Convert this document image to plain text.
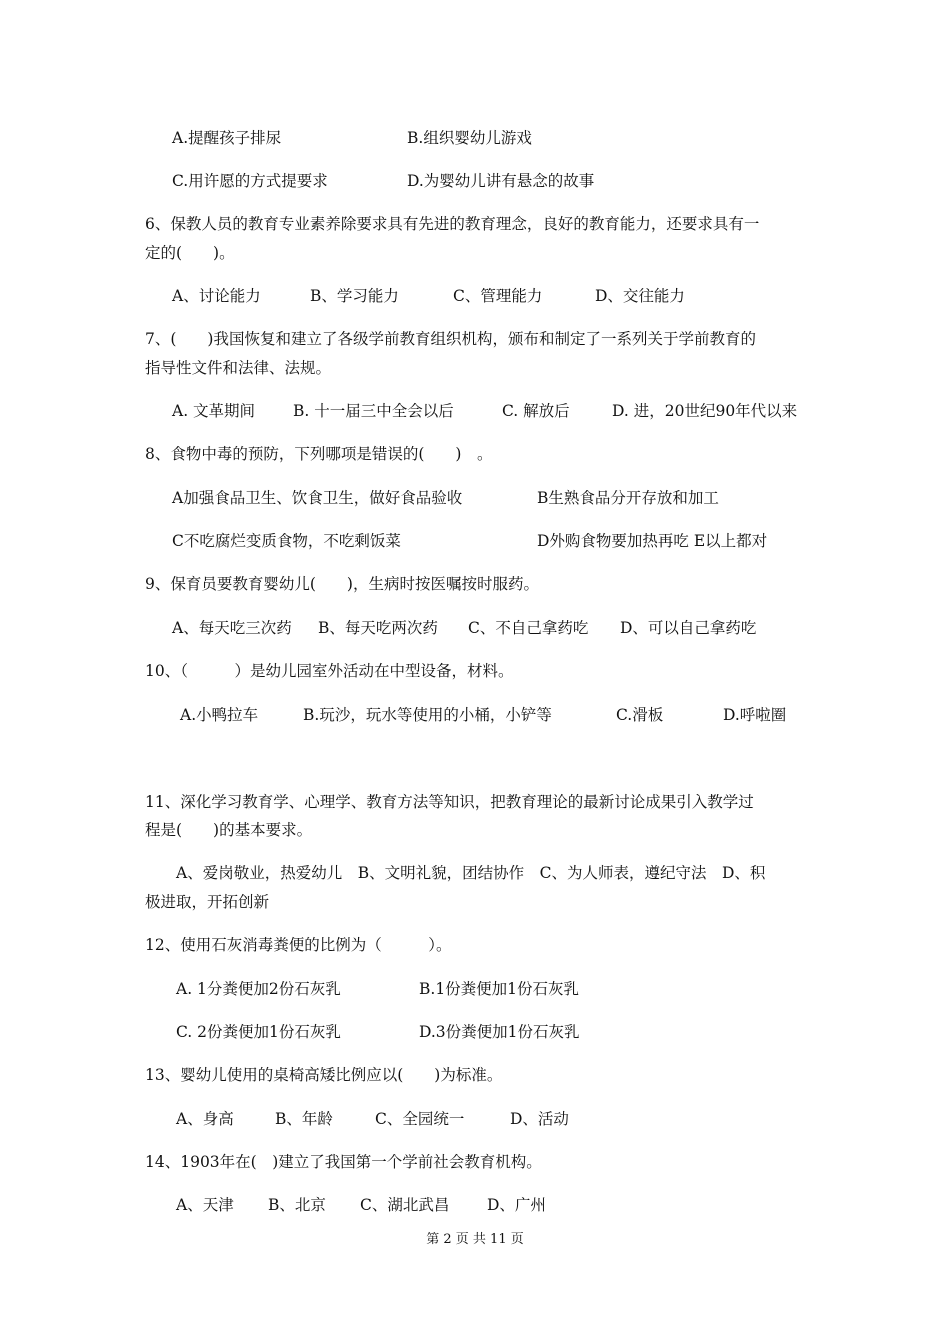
A.提醒孩子排尿	B.组织婴幼儿游戏
C.用许愿的方式提要求	D.为婴幼儿讲有悬念的故事
6、保教人员的教育专业素养除要求具有先进的教育理念，良好的教育能力，还要求具有一
定的(　　)。
A、讨论能力	B、学习能力	C、管理能力	D、交往能力
7、(　　)我国恢复和建立了各级学前教育组织机构，颁布和制定了一系列关于学前教育的
指导性文件和法律、法规。
A. 文革期间 B. 十一届三中全会以后	C. 解放后	D. 进，20世纪90年代以来
8、食物中毒的预防，下列哪项是错误的(　　)　。
A加强食品卫生、饮食卫生，做好食品验收	B生熟食品分开存放和加工
C不吃腐烂变质食物，不吃剩饭菜	D外购食物要加热再吃 E以上都对
9、保育员要教育婴幼儿(　　)，生病时按医嘱按时服药。
A、每天吃三次药 B、每天吃两次药 C、不自己拿药吃 D、可以自己拿药吃
10、（　　　）是幼儿园室外活动在中型设备，材料。
A.小鸭拉车	B.玩沙，玩水等使用的小桶，小铲等	C.滑板	D.呼啦圈
11、深化学习教育学、心理学、教育方法等知识，把教育理论的最新讨论成果引入教学过
程是(　　)的基本要求。
A、爱岗敬业，热爱幼儿　B、文明礼貌，团结协作　C、为人师表，遵纪守法　D、积
极进取，开拓创新
12、使用石灰消毒粪便的比例为（　　　）。
A. 1分粪便加2份石灰乳	B.1份粪便加1份石灰乳
C. 2份粪便加1份石灰乳	D.3份粪便加1份石灰乳
13、婴幼儿使用的桌椅高矮比例应以(　　)为标准。
A、身高	B、年龄	C、全园统一	D、活动
14、1903年在(　)建立了我国第一个学前社会教育机构。
A、天津 B、北京 C、湖北武昌 D、广州
第 2 页 共 11 页
